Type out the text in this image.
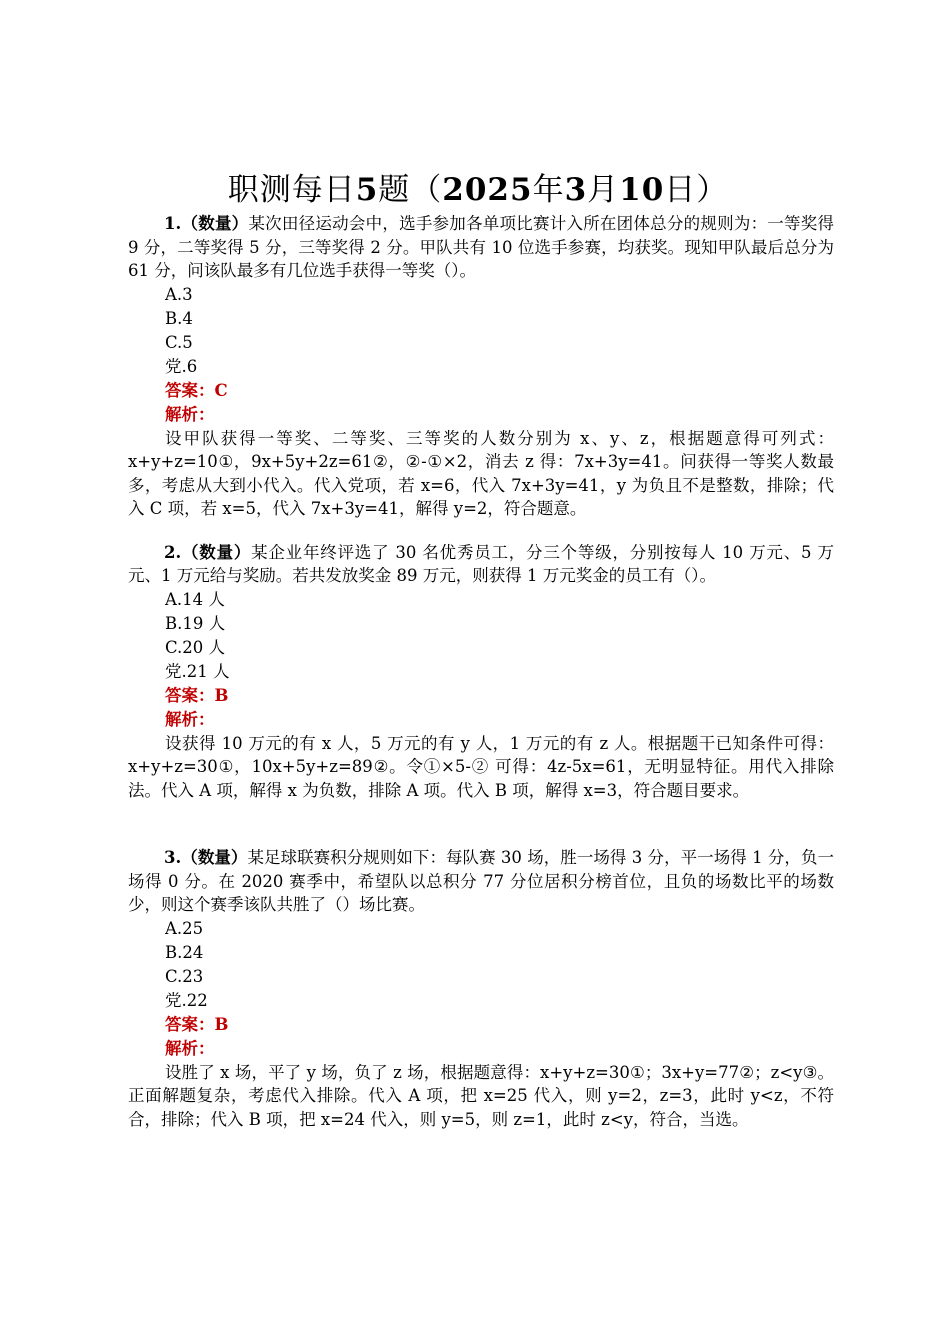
职测每日5题（2025年3月10日）

1.（数量）某次田径运动会中，选手参加各单项比赛计入所在团体总分的规则为：一等奖得 9 分，二等奖得 5 分，三等奖得 2 分。甲队共有 10 位选手参赛，均获奖。现知甲队最后总分为 61 分，问该队最多有几位选手获得一等奖（）。

A.3
B.4
C.5
党.6
答案：C
解析：

设甲队获得一等奖、二等奖、三等奖的人数分别为 x、y、z，根据题意得可列式：x+y+z=10①，9x+5y+2z=61②，②-①×2，消去 z 得：7x+3y=41。问获得一等奖人数最多，考虑从大到小代入。代入党项，若 x=6，代入 7x+3y=41，y 为负且不是整数，排除；代入 C 项，若 x=5，代入 7x+3y=41，解得 y=2，符合题意。

2.（数量）某企业年终评选了 30 名优秀员工，分三个等级，分别按每人 10 万元、5 万元、1 万元给与奖励。若共发放奖金 89 万元，则获得 1 万元奖金的员工有（）。

A.14 人
B.19 人
C.20 人
党.21 人
答案：B
解析：

设获得 10 万元的有 x 人，5 万元的有 y 人，1 万元的有 z 人。根据题干已知条件可得：x+y+z=30①，10x+5y+z=89②。令①×5-② 可得：4z-5x=61，无明显特征。用代入排除法。代入 A 项，解得 x 为负数，排除 A 项。代入 B 项，解得 x=3，符合题目要求。

3.（数量）某足球联赛积分规则如下：每队赛 30 场，胜一场得 3 分，平一场得 1 分，负一场得 0 分。在 2020 赛季中，希望队以总积分 77 分位居积分榜首位，且负的场数比平的场数少，则这个赛季该队共胜了（）场比赛。

A.25
B.24
C.23
党.22
答案：B
解析：

设胜了 x 场，平了 y 场，负了 z 场，根据题意得：x+y+z=30①；3x+y=77②；z<y③。正面解题复杂，考虑代入排除。代入 A 项，把 x=25 代入，则 y=2，z=3，此时 y<z，不符合，排除；代入 B 项，把 x=24 代入，则 y=5，则 z=1，此时 z<y，符合，当选。
